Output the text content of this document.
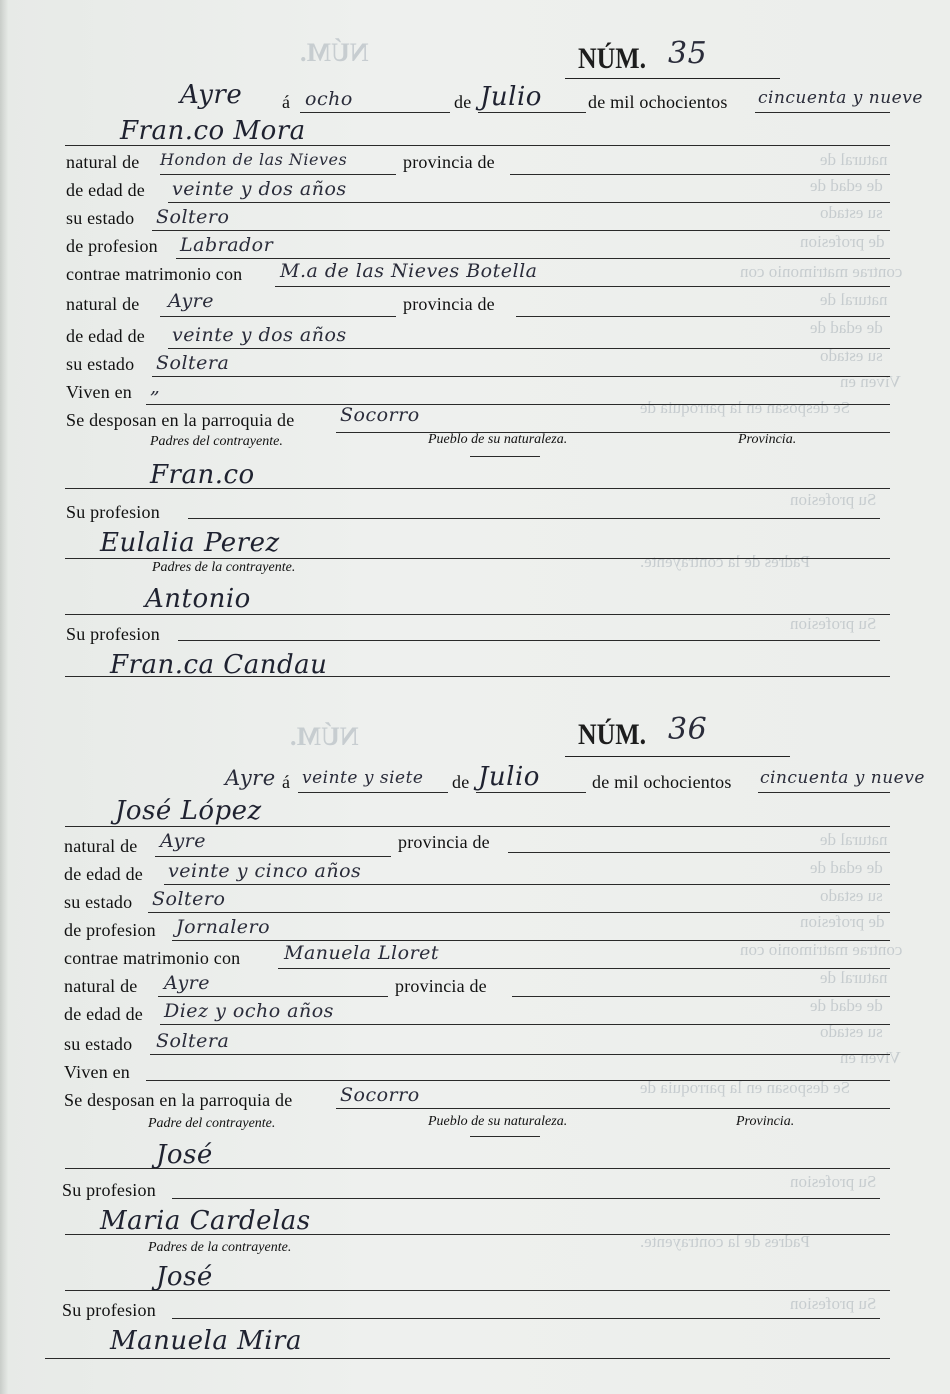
NÚM.
natural de
de edad de
su estado
de profesion
contrae matrimonio con
natural de
de edad de
su estado
Viven en
Se desposan en la parroquia de
Su profesion
Padres de la contrayente.
Su profesion
NÚM.
natural de
de edad de
su estado
de profesion
contrae matrimonio con
natural de
de edad de
su estado
Viven en
Se desposan en la parroquia de
Su profesion
Padres de la contrayente.
Su profesion
NÚM. 35
Ayre á ocho	de Julio	de mil ochocientos cincuenta y nueve
Fran.co Mora
natural de Hondon de las Nieves	provincia de
de edad de veinte y dos años
su estado Soltero
de profesion Labrador
contrae matrimonio con M.a de las Nieves Botella
natural de Ayre	provincia de
de edad de veinte y dos años
su estado Soltera
Viven en „
Se desposan en la parroquia de Socorro
Padres del contrayente.	Pueblo de su naturaleza.	Provincia.
Fran.co
Su profesion
Eulalia Perez
Padres de la contrayente.
Antonio
Su profesion
Fran.ca Candau
NÚM. 36
Ayre á veinte y siete de Julio	de mil ochocientos cincuenta y nueve
José López
natural de Ayre	provincia de
de edad de veinte y cinco años
su estado Soltero
de profesion Jornalero
contrae matrimonio con Manuela Lloret
natural de Ayre	provincia de
de edad de Diez y ocho años
su estado Soltera
Viven en
Se desposan en la parroquia de	Socorro
Padre del contrayente.	Pueblo de su naturaleza.	Provincia.
José
Su profesion
Maria Cardelas
Padres de la contrayente.
José
Su profesion
Manuela Mira
